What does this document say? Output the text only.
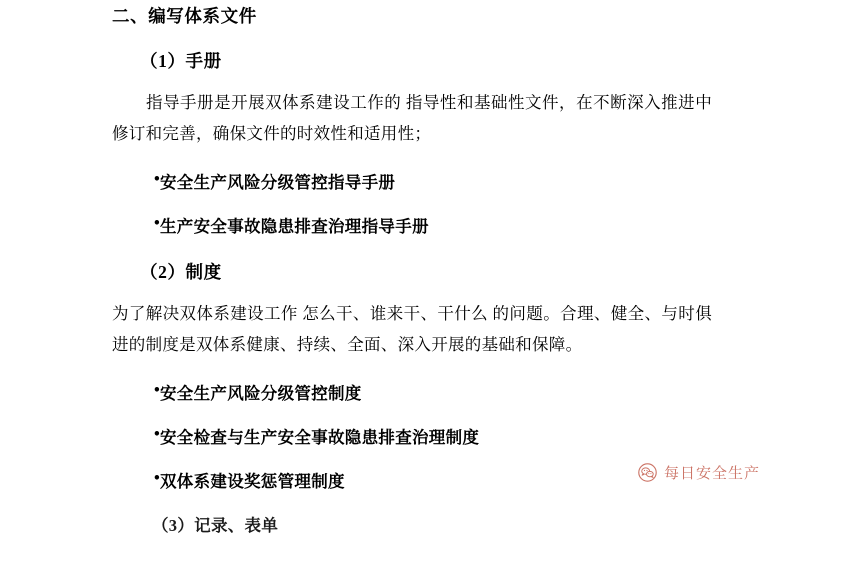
二、编写体系文件
（1）手册
指导手册是开展双体系建设工作的 指导性和基础性文件，在不断深入推进中修订和完善，确保文件的时效性和适用性；
• 安全生产风险分级管控指导手册
• 生产安全事故隐患排查治理指导手册
（2）制度
为了解决双体系建设工作 怎么干、谁来干、干什么 的问题。合理、健全、与时俱进的制度是双体系健康、持续、全面、深入开展的基础和保障。
• 安全生产风险分级管控制度
• 安全检查与生产安全事故隐患排查治理制度
• 双体系建设奖惩管理制度
（3）记录、表单
每日安全生产
